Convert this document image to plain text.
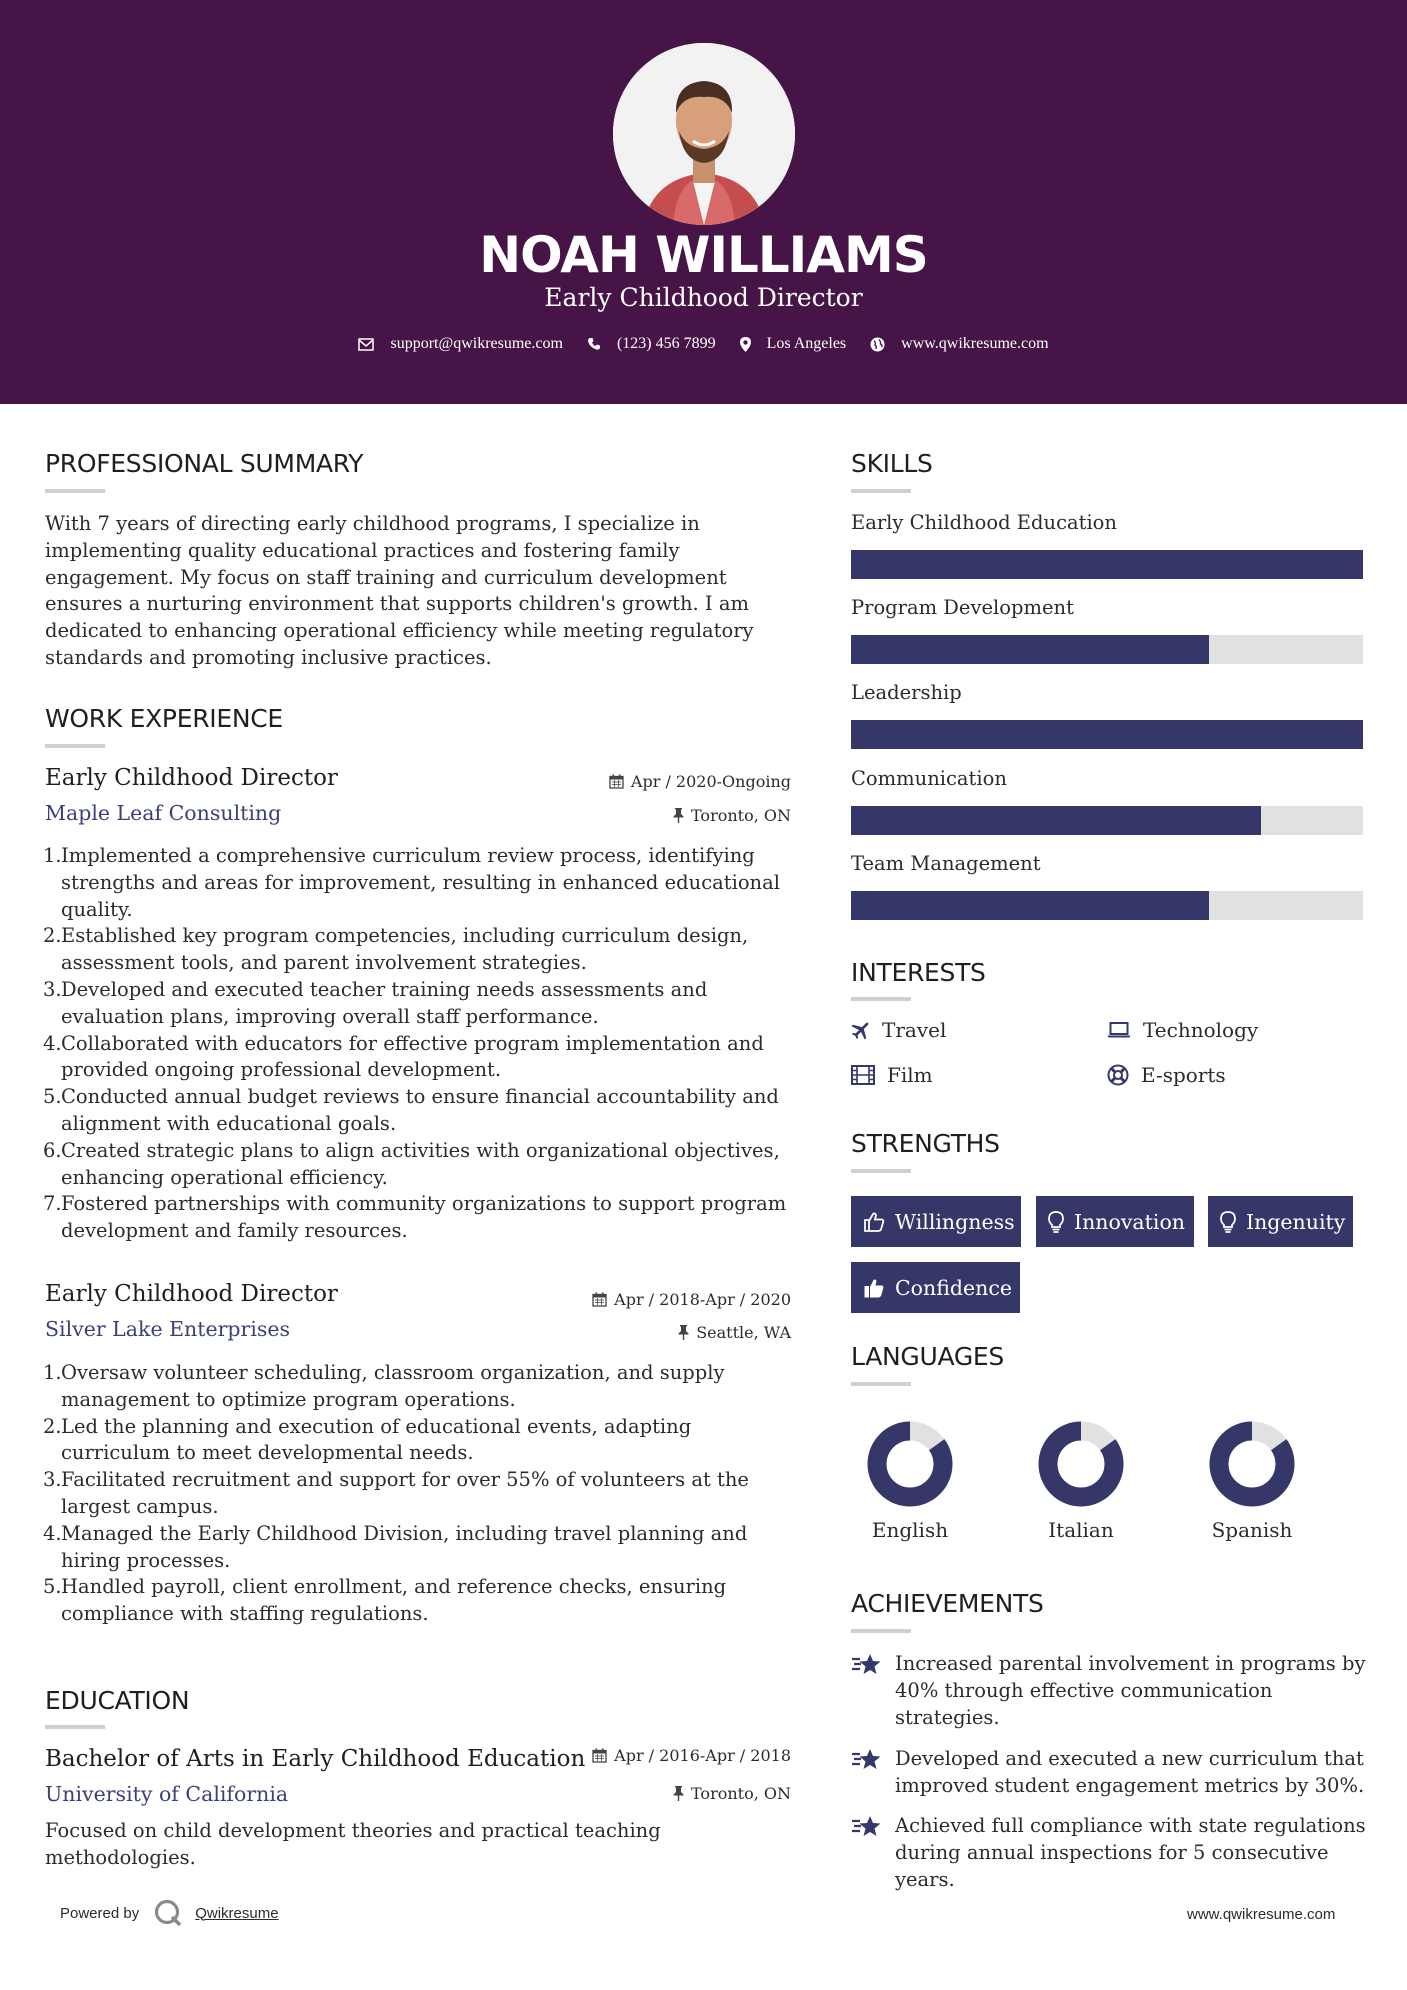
NOAH WILLIAMS
Early Childhood Director
support@qwikresume.com	(123) 456 7899	Los Angeles	www.qwikresume.com
PROFESSIONAL SUMMARY
With 7 years of directing early childhood programs, I specialize in implementing quality educational practices and fostering family engagement. My focus on staff training and curriculum development ensures a nurturing environment that supports children's growth. I am dedicated to enhancing operational efficiency while meeting regulatory standards and promoting inclusive practices.
WORK EXPERIENCE
Early Childhood Director	Apr / 2020-Ongoing
Maple Leaf Consulting	Toronto, ON
1. Implemented a comprehensive curriculum review process, identifying strengths and areas for improvement, resulting in enhanced educational quality.
2. Established key program competencies, including curriculum design, assessment tools, and parent involvement strategies.
3. Developed and executed teacher training needs assessments and evaluation plans, improving overall staff performance.
4. Collaborated with educators for effective program implementation and provided ongoing professional development.
5. Conducted annual budget reviews to ensure financial accountability and alignment with educational goals.
6. Created strategic plans to align activities with organizational objectives, enhancing operational efficiency.
7. Fostered partnerships with community organizations to support program development and family resources.
Early Childhood Director	Apr / 2018-Apr / 2020
Silver Lake Enterprises	Seattle, WA
1. Oversaw volunteer scheduling, classroom organization, and supply management to optimize program operations.
2. Led the planning and execution of educational events, adapting curriculum to meet developmental needs.
3. Facilitated recruitment and support for over 55% of volunteers at the largest campus.
4. Managed the Early Childhood Division, including travel planning and hiring processes.
5. Handled payroll, client enrollment, and reference checks, ensuring compliance with staffing regulations.
EDUCATION
Bachelor of Arts in Early Childhood Education Apr / 2016-Apr / 2018
University of California	Toronto, ON
Focused on child development theories and practical teaching methodologies.
SKILLS
Early Childhood Education
Program Development
Leadership
Communication
Team Management
INTERESTS
Travel	Technology
Film	E-sports
STRENGTHS
Willingness	Innovation	Ingenuity
Confidence
LANGUAGES
English	Italian	Spanish
ACHIEVEMENTS
Increased parental involvement in programs by 40% through effective communication strategies.
Developed and executed a new curriculum that improved student engagement metrics by 30%.
Achieved full compliance with state regulations during annual inspections for 5 consecutive years.
Powered by	Qwikresume	www.qwikresume.com
